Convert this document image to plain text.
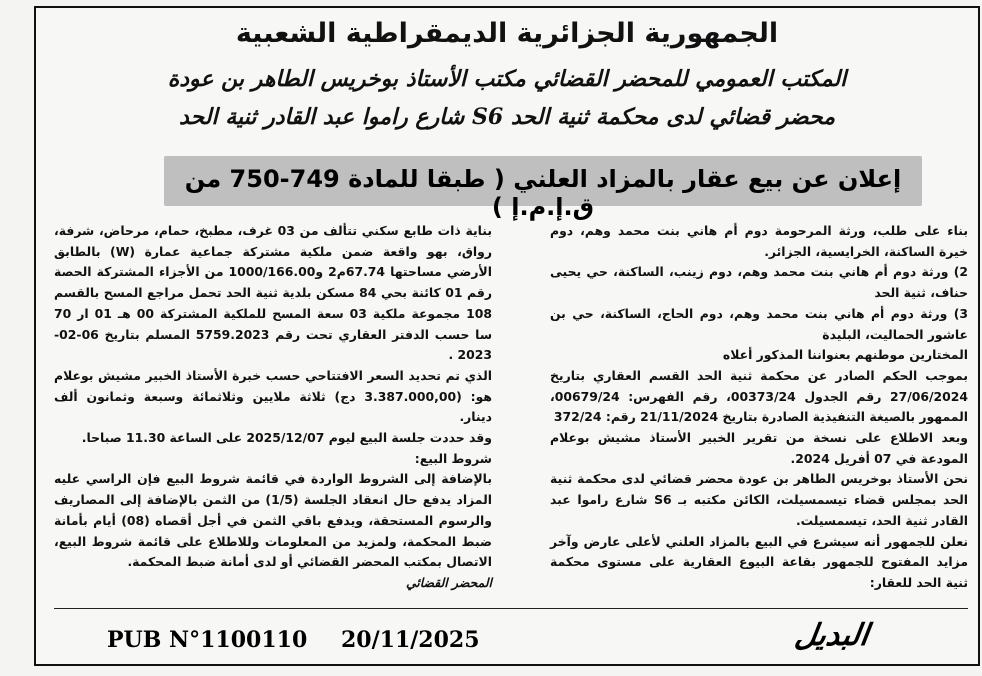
الجمهورية الجزائرية الديمقراطية الشعبية
المكتب العمومي للمحضر القضائي مكتب الأستاذ بوخريس الطاهر بن عودة
محضر قضائي لدى محكمة ثنية الحد S6 شارع راموا عبد القادر ثنية الحد
إعلان عن بيع عقار بالمزاد العلني ( طبقا للمادة 749-750 من ق.إ.م.إ )

بناء على طلب، ورثة المرحومة دوم أم هاني بنت محمد وهم، دوم خيرة الساكنة، الخرايسية، الجزائر.

2) ورثة دوم أم هاني بنت محمد وهم، دوم زينب، الساكنة، حي يحيى حناف، ثنية الحد

3) ورثة دوم أم هاني بنت محمد وهم، دوم الحاج، الساكنة، حي بن عاشور الحماليت، البليدة

المختارين موطنهم بعنواننا المذكور أعلاه

بموجب الحكم الصادر عن محكمة ثنية الحد القسم العقاري بتاريخ 27/06/2024 رقم الجدول 00373/24، رقم الفهرس: 00679/24، الممهور بالصيغة التنفيذية الصادرة بتاريخ 21/11/2024 رقم: 372/24

وبعد الاطلاع على نسخة من تقرير الخبير الأستاذ مشيش بوعلام المودعة في 07 أفريل 2024.

نحن الأستاذ بوخريس الطاهر بن عودة محضر قضائي لدى محكمة ثنية الحد بمجلس قضاء تيسمسيلت، الكائن مكتبه بـ S6 شارع راموا عبد القادر ثنية الحد، تيسمسيلت.

نعلن للجمهور أنه سيشرع في البيع بالمزاد العلني لأعلى عارض وآخر مزايد المفتوح للجمهور بقاعة البيوع العقارية على مستوى محكمة ثنية الحد للعقار:

بناية ذات طابع سكني تتألف من 03 غرف، مطبخ، حمام، مرحاض، شرفة، رواق، بهو واقعة ضمن ملكية مشتركة جماعية عمارة (W) بالطابق الأرضي مساحتها 67.74م2 و1000/166.00 من الأجزاء المشتركة الحصة رقم 01 كائنة بحي 84 مسكن بلدية ثنية الحد تحمل مراجع المسح بالقسم 108 مجموعة ملكية 03 سعة المسح للملكية المشتركة 00 هـ 01 ار 70 سا حسب الدفتر العقاري تحت رقم 5759.2023 المسلم بتاريخ 06-02-2023 .

الذي تم تحديد السعر الافتتاحي حسب خبرة الأستاذ الخبير مشيش بوعلام هو: (3.387.000,00 دج) ثلاثة ملايين وثلاثمائة وسبعة وثمانون ألف دينار.

وقد حددت جلسة البيع ليوم 2025/12/07 على الساعة 11.30 صباحا.

شروط البيع:

بالإضافة إلى الشروط الواردة في قائمة شروط البيع فإن الراسي عليه المزاد يدفع حال انعقاد الجلسة (1/5) من الثمن بالإضافة إلى المصاريف والرسوم المستحقة، ويدفع باقي الثمن في أجل أقصاه (08) أيام بأمانة ضبط المحكمة، ولمزيد من المعلومات وللاطلاع على قائمة شروط البيع، الاتصال بمكتب المحضر القضائي أو لدى أمانة ضبط المحكمة.

المحضر القضائي

البديل
20/11/2025
PUB N°1100110
